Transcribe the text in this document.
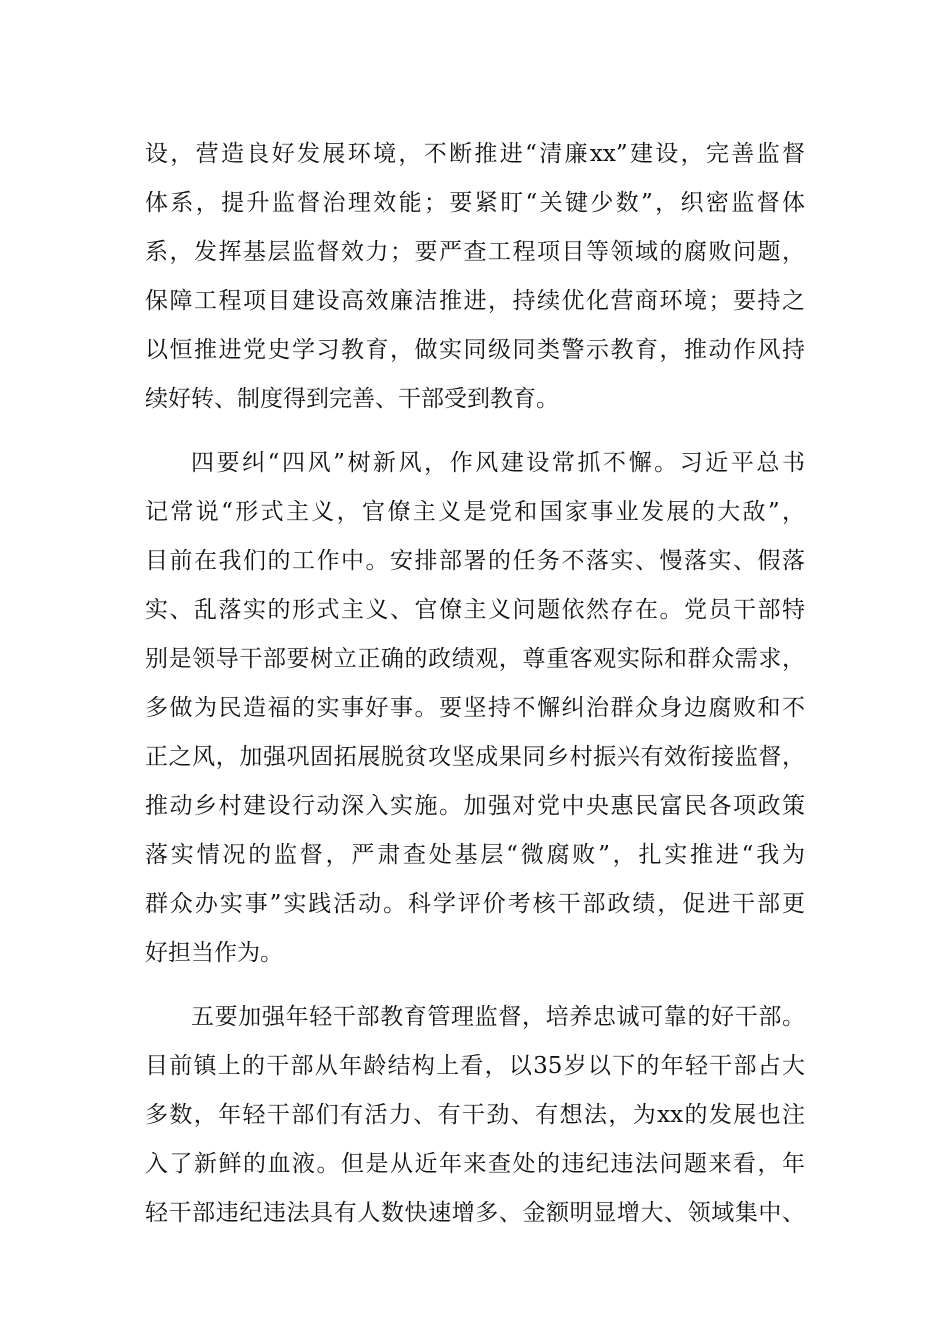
设，营造良好发展环境，不断推进“清廉xx”建设，完善监督
体系，提升监督治理效能；要紧盯“关键少数”，织密监督体
系，发挥基层监督效力；要严查工程项目等领域的腐败问题，
保障工程项目建设高效廉洁推进，持续优化营商环境；要持之
以恒推进党史学习教育，做实同级同类警示教育，推动作风持
续好转、制度得到完善、干部受到教育。
四要纠“四风”树新风，作风建设常抓不懈。习近平总书
记常说“形式主义，官僚主义是党和国家事业发展的大敌”，
目前在我们的工作中。安排部署的任务不落实、慢落实、假落
实、乱落实的形式主义、官僚主义问题依然存在。党员干部特
别是领导干部要树立正确的政绩观，尊重客观实际和群众需求，
多做为民造福的实事好事。要坚持不懈纠治群众身边腐败和不
正之风，加强巩固拓展脱贫攻坚成果同乡村振兴有效衔接监督，
推动乡村建设行动深入实施。加强对党中央惠民富民各项政策
落实情况的监督，严肃查处基层“微腐败”，扎实推进“我为
群众办实事”实践活动。科学评价考核干部政绩，促进干部更
好担当作为。
五要加强年轻干部教育管理监督，培养忠诚可靠的好干部。
目前镇上的干部从年龄结构上看，以35岁以下的年轻干部占大
多数，年轻干部们有活力、有干劲、有想法，为xx的发展也注
入了新鲜的血液。但是从近年来查处的违纪违法问题来看，年
轻干部违纪违法具有人数快速增多、金额明显增大、领域集中、
